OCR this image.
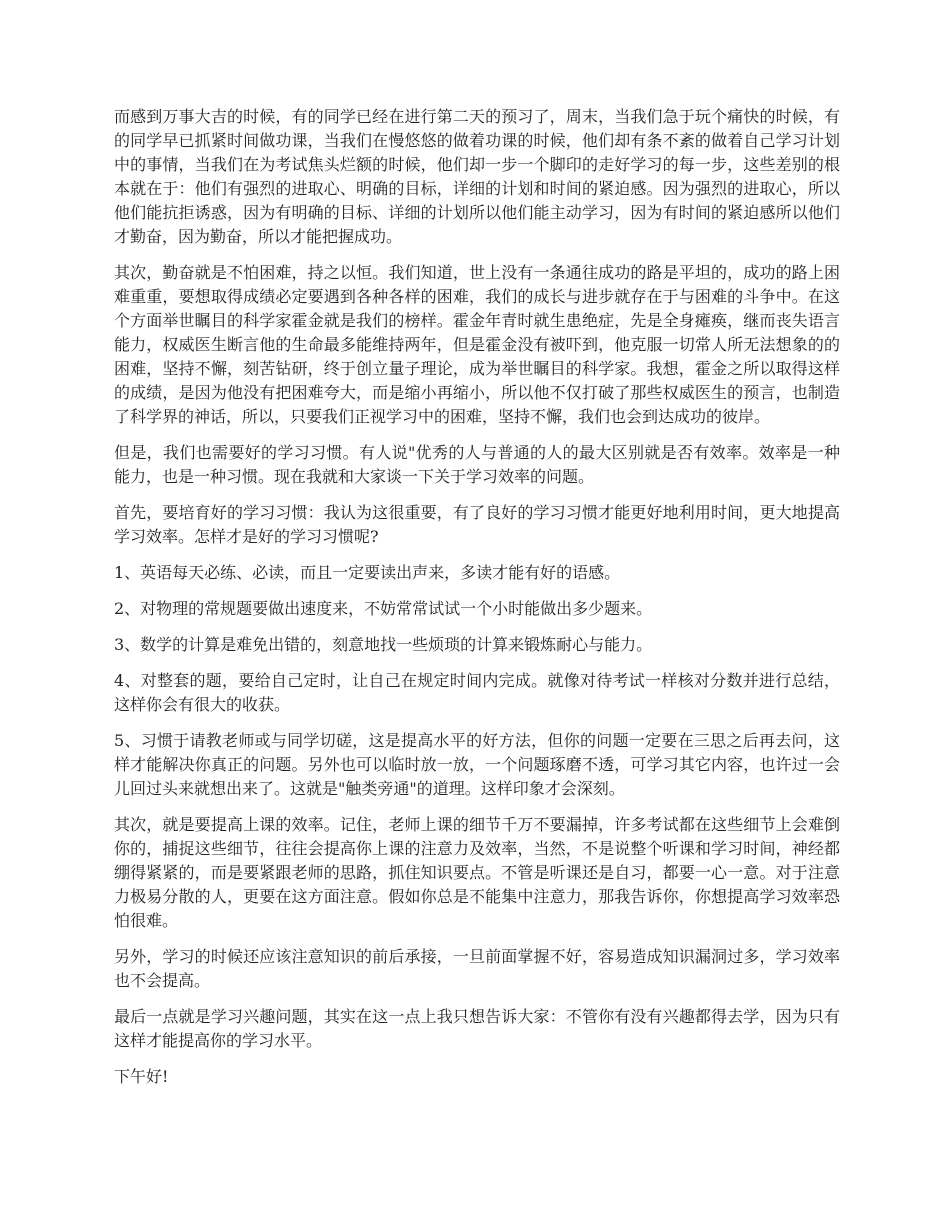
而感到万事大吉的时候，有的同学已经在进行第二天的预习了，周末，当我们急于玩个痛快的时候，有的同学早已抓紧时间做功课，当我们在慢悠悠的做着功课的时候，他们却有条不紊的做着自己学习计划中的事情，当我们在为考试焦头烂额的时候，他们却一步一个脚印的走好学习的每一步，这些差别的根本就在于：他们有强烈的进取心、明确的目标，详细的计划和时间的紧迫感。因为强烈的进取心，所以他们能抗拒诱惑，因为有明确的目标、详细的计划所以他们能主动学习，因为有时间的紧迫感所以他们才勤奋，因为勤奋，所以才能把握成功。

其次，勤奋就是不怕困难，持之以恒。我们知道，世上没有一条通往成功的路是平坦的，成功的路上困难重重，要想取得成绩必定要遇到各种各样的困难，我们的成长与进步就存在于与困难的斗争中。在这个方面举世瞩目的科学家霍金就是我们的榜样。霍金年青时就生患绝症，先是全身瘫痪，继而丧失语言能力，权威医生断言他的生命最多能维持两年，但是霍金没有被吓到，他克服一切常人所无法想象的的困难，坚持不懈，刻苦钻研，终于创立量子理论，成为举世瞩目的科学家。我想，霍金之所以取得这样的成绩，是因为他没有把困难夸大，而是缩小再缩小，所以他不仅打破了那些权威医生的预言，也制造了科学界的神话，所以，只要我们正视学习中的困难，坚持不懈，我们也会到达成功的彼岸。

但是，我们也需要好的学习习惯。有人说"优秀的人与普通的人的最大区别就是否有效率。效率是一种能力，也是一种习惯。现在我就和大家谈一下关于学习效率的问题。

首先，要培育好的学习习惯：我认为这很重要，有了良好的学习习惯才能更好地利用时间，更大地提高学习效率。怎样才是好的学习习惯呢?

1、英语每天必练、必读，而且一定要读出声来，多读才能有好的语感。

2、对物理的常规题要做出速度来，不妨常常试试一个小时能做出多少题来。

3、数学的计算是难免出错的，刻意地找一些烦琐的计算来锻炼耐心与能力。

4、对整套的题，要给自己定时，让自己在规定时间内完成。就像对待考试一样核对分数并进行总结，这样你会有很大的收获。

5、习惯于请教老师或与同学切磋，这是提高水平的好方法，但你的问题一定要在三思之后再去问，这样才能解决你真正的问题。另外也可以临时放一放，一个问题琢磨不透，可学习其它内容，也许过一会儿回过头来就想出来了。这就是"触类旁通"的道理。这样印象才会深刻。

其次，就是要提高上课的效率。记住，老师上课的细节千万不要漏掉，许多考试都在这些细节上会难倒你的，捕捉这些细节，往往会提高你上课的注意力及效率，当然，不是说整个听课和学习时间，神经都绷得紧紧的，而是要紧跟老师的思路，抓住知识要点。不管是听课还是自习，都要一心一意。对于注意力极易分散的人，更要在这方面注意。假如你总是不能集中注意力，那我告诉你，你想提高学习效率恐怕很难。

另外，学习的时候还应该注意知识的前后承接，一旦前面掌握不好，容易造成知识漏洞过多，学习效率也不会提高。

最后一点就是学习兴趣问题，其实在这一点上我只想告诉大家：不管你有没有兴趣都得去学，因为只有这样才能提高你的学习水平。

下午好!
